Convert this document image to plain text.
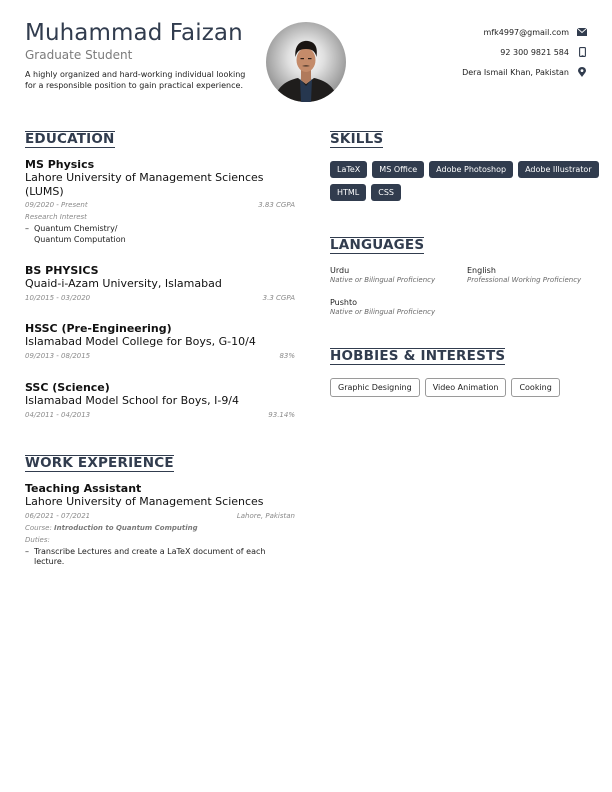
Muhammad Faizan
Graduate Student
A highly organized and hard-working individual looking for a responsible position to gain practical experience.
mfk4997@gmail.com
92 300 9821 584
Dera Ismail Khan, Pakistan
EDUCATION
MS Physics
Lahore University of Management Sciences (LUMS)
09/2020 - Present	3.83 CGPA
Research Interest
– Quantum Chemistry/ Quantum Computation
BS PHYSICS
Quaid-i-Azam University, Islamabad
10/2015 - 03/2020	3.3 CGPA
HSSC (Pre-Engineering)
Islamabad Model College for Boys, G-10/4
09/2013 - 08/2015	83%
SSC (Science)
Islamabad Model School for Boys, I-9/4
04/2011 - 04/2013	93.14%
WORK EXPERIENCE
Teaching Assistant
Lahore University of Management Sciences
06/2021 - 07/2021	Lahore, Pakistan
Course: Introduction to Quantum Computing
Duties:
– Transcribe Lectures and create a LaTeX document of each lecture.
SKILLS
LaTeX	MS Office	Adobe Photoshop	Adobe Illustrator
HTML	CSS
LANGUAGES
Urdu
Native or Bilingual Proficiency
English
Professional Working Proficiency
Pushto
Native or Bilingual Proficiency
HOBBIES & INTERESTS
Graphic Designing	Video Animation	Cooking
